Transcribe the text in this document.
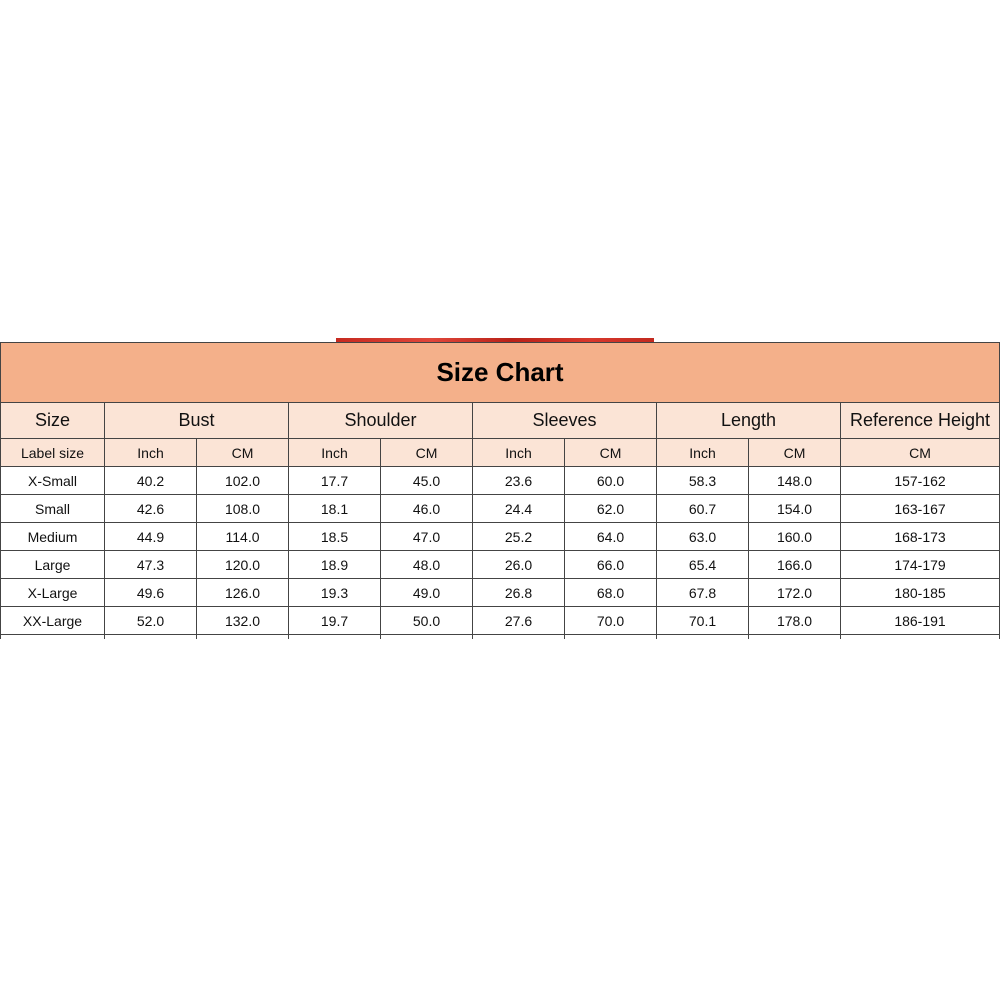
Size Chart									
Size	Bust		Shoulder		Sleeves		Length		Reference Height
Label size	Inch	CM	Inch	CM	Inch	CM	Inch	CM	CM
X-Small	40.2	102.0	17.7	45.0	23.6	60.0	58.3	148.0	157-162
Small	42.6	108.0	18.1	46.0	24.4	62.0	60.7	154.0	163-167
Medium	44.9	114.0	18.5	47.0	25.2	64.0	63.0	160.0	168-173
Large	47.3	120.0	18.9	48.0	26.0	66.0	65.4	166.0	174-179
X-Large	49.6	126.0	19.3	49.0	26.8	68.0	67.8	172.0	180-185
XX-Large	52.0	132.0	19.7	50.0	27.6	70.0	70.1	178.0	186-191
